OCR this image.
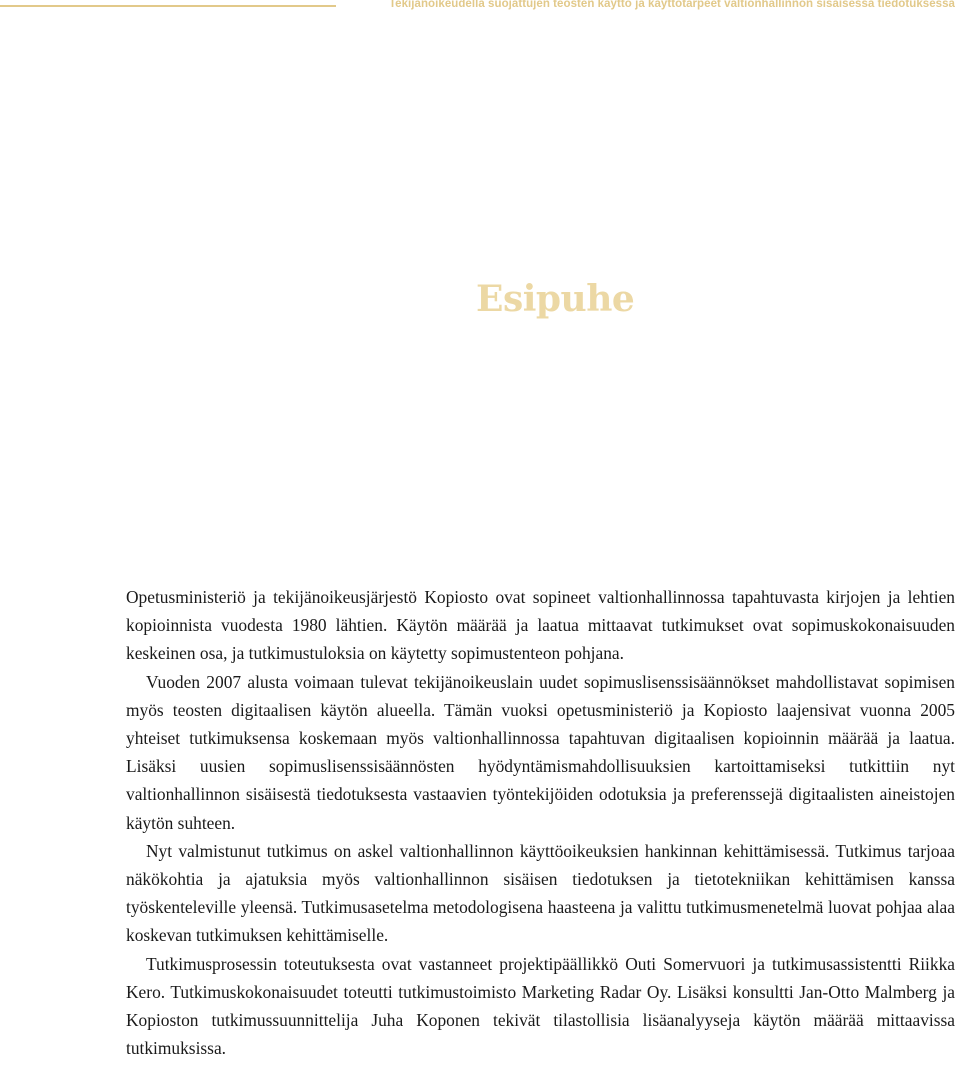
Tekijänoikeudella suojattujen teosten käyttö ja käyttötarpeet valtionhallinnon sisäisessä tiedotuksessa
Esipuhe

Opetusministeriö ja tekijänoikeusjärjestö Kopiosto ovat sopineet valtionhallinnossa tapahtuvasta kirjojen ja lehtien kopioinnista vuodesta 1980 lähtien. Käytön määrää ja laatua mittaavat tutkimukset ovat sopimuskokonaisuuden keskeinen osa, ja tutkimustuloksia on käytetty sopimustenteon pohjana.

Vuoden 2007 alusta voimaan tulevat tekijänoikeuslain uudet sopimuslisenssisäännökset mahdollistavat sopimisen myös teosten digitaalisen käytön alueella. Tämän vuoksi opetusministeriö ja Kopiosto laajensivat vuonna 2005 yhteiset tutkimuksensa koskemaan myös valtionhallinnossa tapahtuvan digitaalisen kopioinnin määrää ja laatua. Lisäksi uusien sopimuslisenssisäännösten hyödyntämismahdollisuuksien kartoittamiseksi tutkittiin nyt valtionhallinnon sisäisestä tiedotuksesta vastaavien työntekijöiden odotuksia ja preferenssejä digitaalisten aineistojen käytön suhteen.

Nyt valmistunut tutkimus on askel valtionhallinnon käyttöoikeuksien hankinnan kehittämisessä. Tutkimus tarjoaa näkökohtia ja ajatuksia myös valtionhallinnon sisäisen tiedotuksen ja tietotekniikan kehittämisen kanssa työskenteleville yleensä. Tutkimusasetelma metodologisena haasteena ja valittu tutkimusmenetelmä luovat pohjaa alaa koskevan tutkimuksen kehittämiselle.

Tutkimusprosessin toteutuksesta ovat vastanneet projektipäällikkö Outi Somervuori ja tutkimusassistentti Riikka Kero. Tutkimuskokonaisuudet toteutti tutkimustoimisto Marketing Radar Oy. Lisäksi konsultti Jan-Otto Malmberg ja Kopioston tutkimussuunnittelija Juha Koponen tekivät tilastollisia lisäanalyyseja käytön määrää mittaavissa tutkimuksissa.
